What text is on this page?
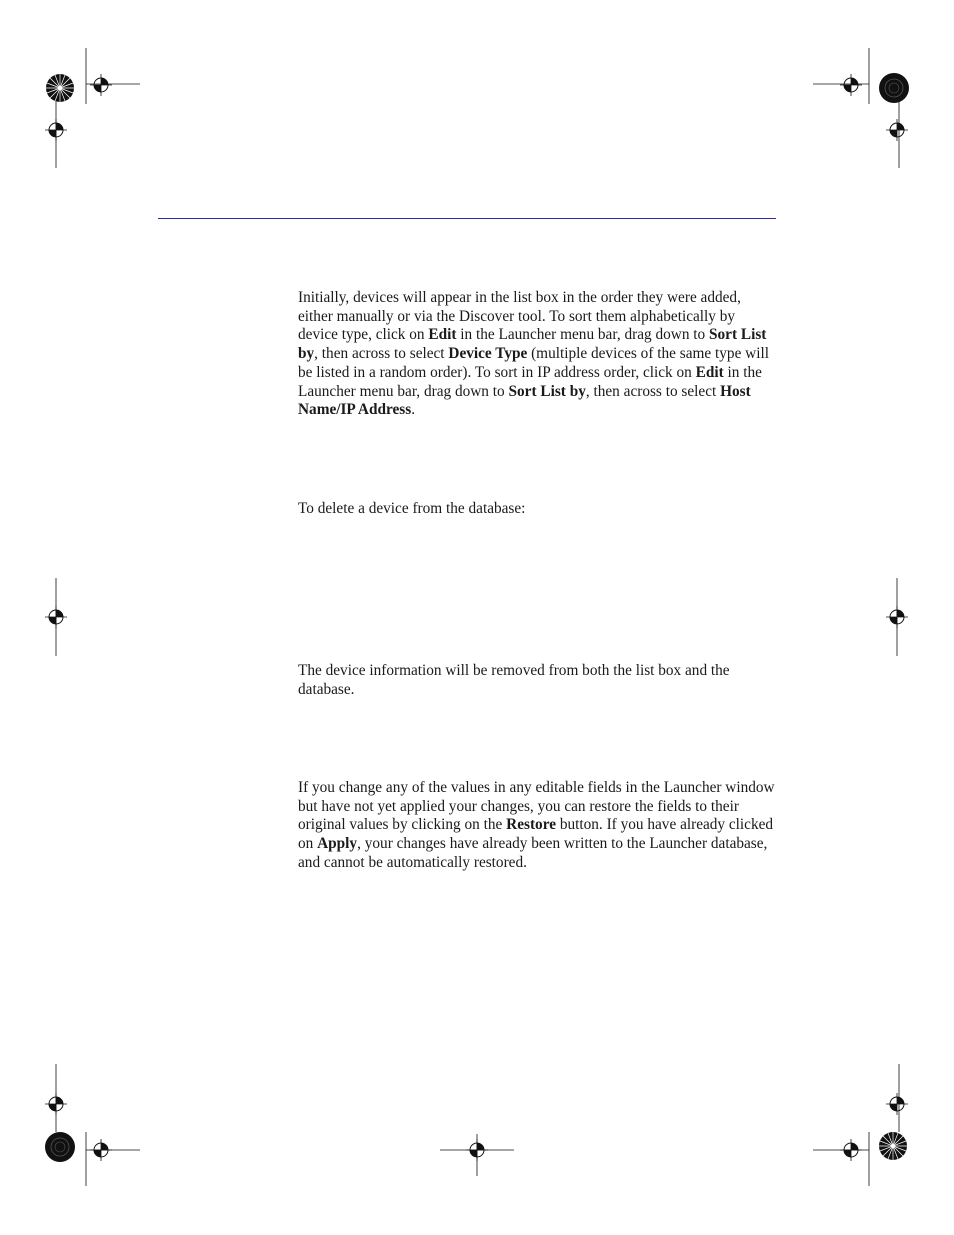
Initially, devices will appear in the list box in the order they were added, either manually or via the Discover tool. To sort them alphabetically by device type, click on Edit in the Launcher menu bar, drag down to Sort List by, then across to select Device Type (multiple devices of the same type will be listed in a random order). To sort in IP address order, click on Edit in the Launcher menu bar, drag down to Sort List by, then across to select Host Name/IP Address.

To delete a device from the database:

The device information will be removed from both the list box and the database.

If you change any of the values in any editable fields in the Launcher window but have not yet applied your changes, you can restore the fields to their original values by clicking on the Restore button. If you have already clicked on Apply, your changes have already been written to the Launcher database, and cannot be automatically restored.
